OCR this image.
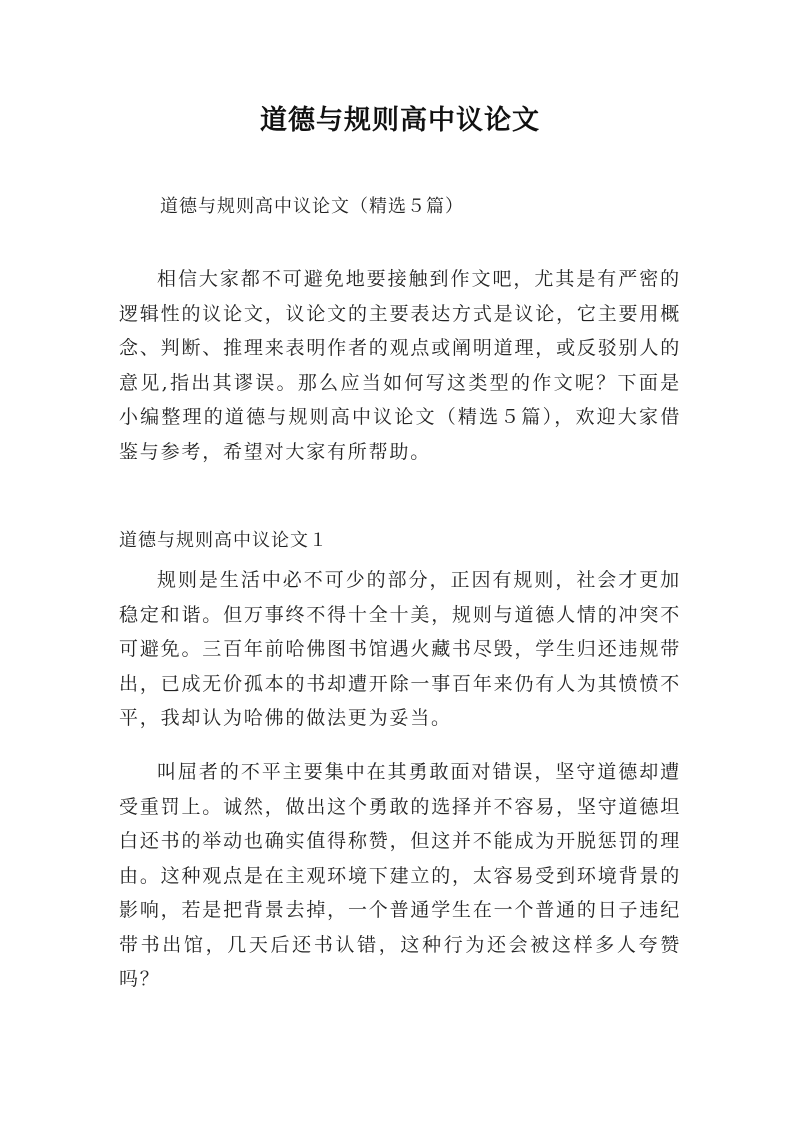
道德与规则高中议论文

道德与规则高中议论文（精选５篇）

相信大家都不可避免地要接触到作文吧，尤其是有严密的逻辑性的议论文，议论文的主要表达方式是议论，它主要用概念、判断、推理来表明作者的观点或阐明道理，或反驳别人的意见,指出其谬误。那么应当如何写这类型的作文呢？下面是小编整理的道德与规则高中议论文（精选５篇），欢迎大家借鉴与参考，希望对大家有所帮助。

道德与规则高中议论文１

规则是生活中必不可少的部分，正因有规则，社会才更加稳定和谐。但万事终不得十全十美，规则与道德人情的冲突不可避免。三百年前哈佛图书馆遇火藏书尽毁，学生归还违规带出，已成无价孤本的书却遭开除一事百年来仍有人为其愤愤不平，我却认为哈佛的做法更为妥当。

叫屈者的不平主要集中在其勇敢面对错误，坚守道德却遭受重罚上。诚然，做出这个勇敢的选择并不容易，坚守道德坦白还书的举动也确实值得称赞，但这并不能成为开脱惩罚的理由。这种观点是在主观环境下建立的，太容易受到环境背景的影响，若是把背景去掉，一个普通学生在一个普通的日子违纪带书出馆，几天后还书认错，这种行为还会被这样多人夸赞吗？
